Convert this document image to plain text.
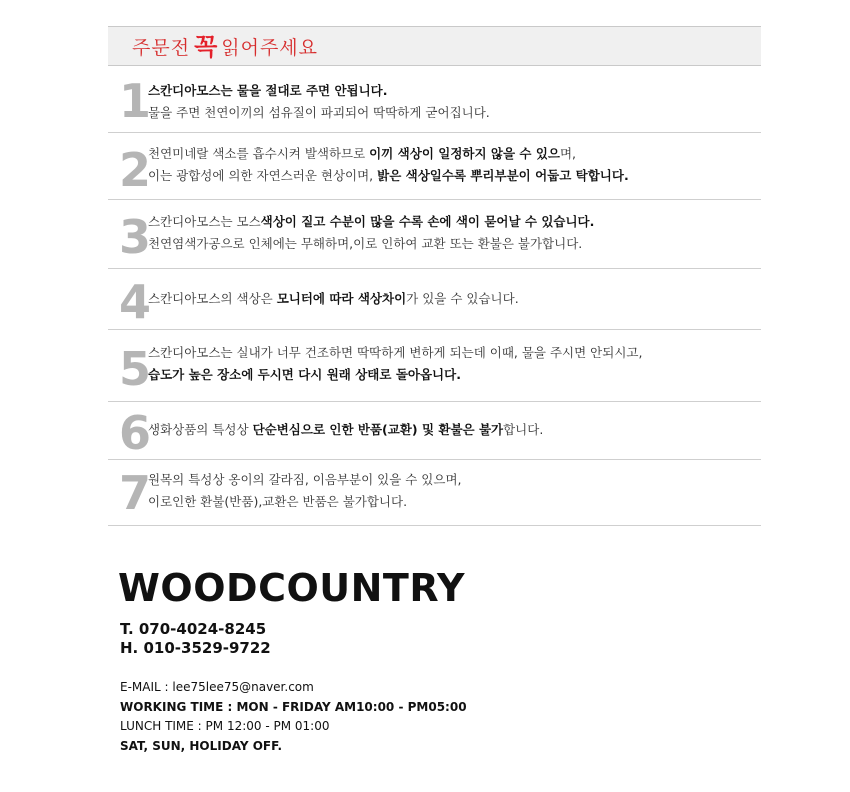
주문전 꼭 읽어주세요
1
스칸디아모스는 물을 절대로 주면 안됩니다.
물을 주면 천연이끼의 섬유질이 파괴되어 딱딱하게 굳어집니다.
2
천연미네랄 색소를 흡수시켜 발색하므로 이끼 색상이 일정하지 않을 수 있으며,
이는 광합성에 의한 자연스러운 현상이며, 밝은 색상일수록 뿌리부분이 어둡고 탁합니다.
3
스칸디아모스는 모스색상이 짙고 수분이 많을 수록 손에 색이 묻어날 수 있습니다.
천연염색가공으로 인체에는 무해하며,이로 인하여 교환 또는 환불은 불가합니다.
4
스칸디아모스의 색상은 모니터에 따라 색상차이가 있을 수 있습니다.
5
스칸디아모스는 실내가 너무 건조하면 딱딱하게 변하게 되는데 이때, 물을 주시면 안되시고,
습도가 높은 장소에 두시면 다시 원래 상태로 돌아옵니다.
6
생화상품의 특성상 단순변심으로 인한 반품(교환) 및 환불은 불가합니다.
7
원목의 특성상 옹이의 갈라짐, 이음부분이 있을 수 있으며,
이로인한 환불(반품),교환은 반품은 불가합니다.
WOODCOUNTRY
T. 070-4024-8245
H. 010-3529-9722
E-MAIL : lee75lee75@naver.com
WORKING TIME : MON - FRIDAY AM10:00 - PM05:00
LUNCH TIME : PM 12:00 - PM 01:00
SAT, SUN, HOLIDAY OFF.
